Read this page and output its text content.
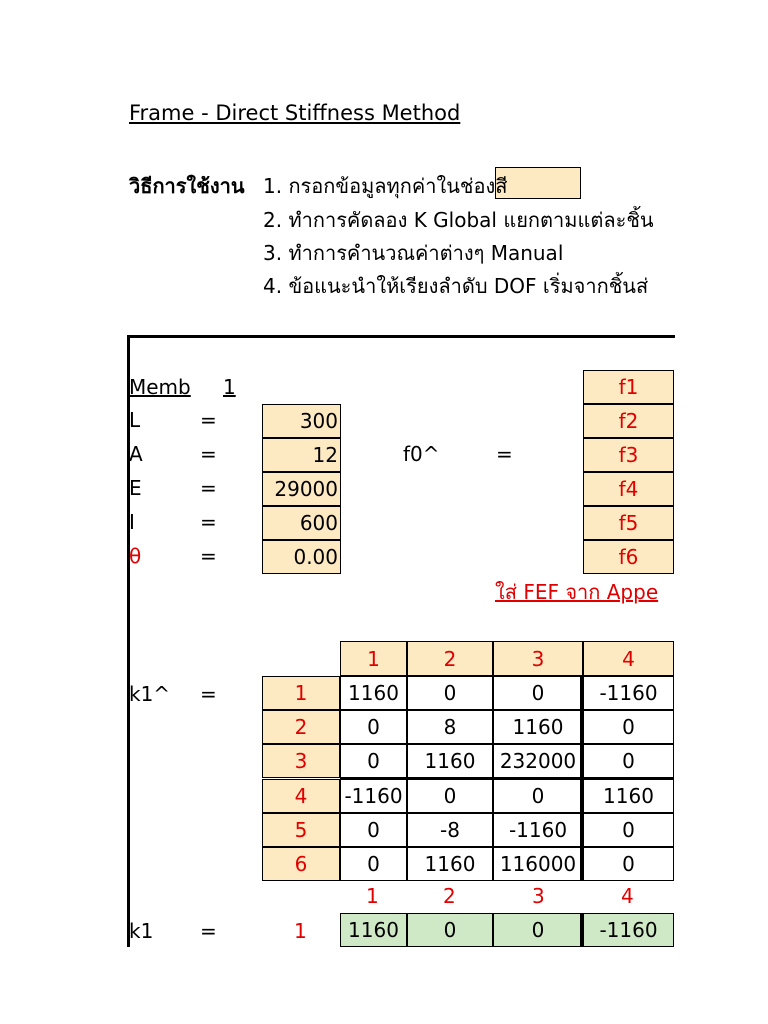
Frame - Direct Stiffness Method
วิธีการใช้งาน 1. กรอกข้อมูลทุกค่าในช่องสี
2. ทำการคัดลอง K Global แยกตามแต่ละชิ้น
3. ทำการคำนวณค่าต่างๆ Manual
4. ข้อแนะนำให้เรียงลำดับ DOF เริ่มจากชิ้นส่
Memb 1
L	=	300
A	=	12
E	=	29000
I	=	600
θ	=	0.00
f0^	=
f1
f2
f3
f4
f5
f6
ใส่ FEF จาก Appe
1	2	3	4
k1^ =	1	1160	0	0	-1160
2	0	8	1160	0
3	0	1160	232000	0
4	-1160	0	0	1160
5	0	-8	-1160	0
6	0	1160	116000	0
1	2	3	4
k1 =	1	1160	0	0	-1160
